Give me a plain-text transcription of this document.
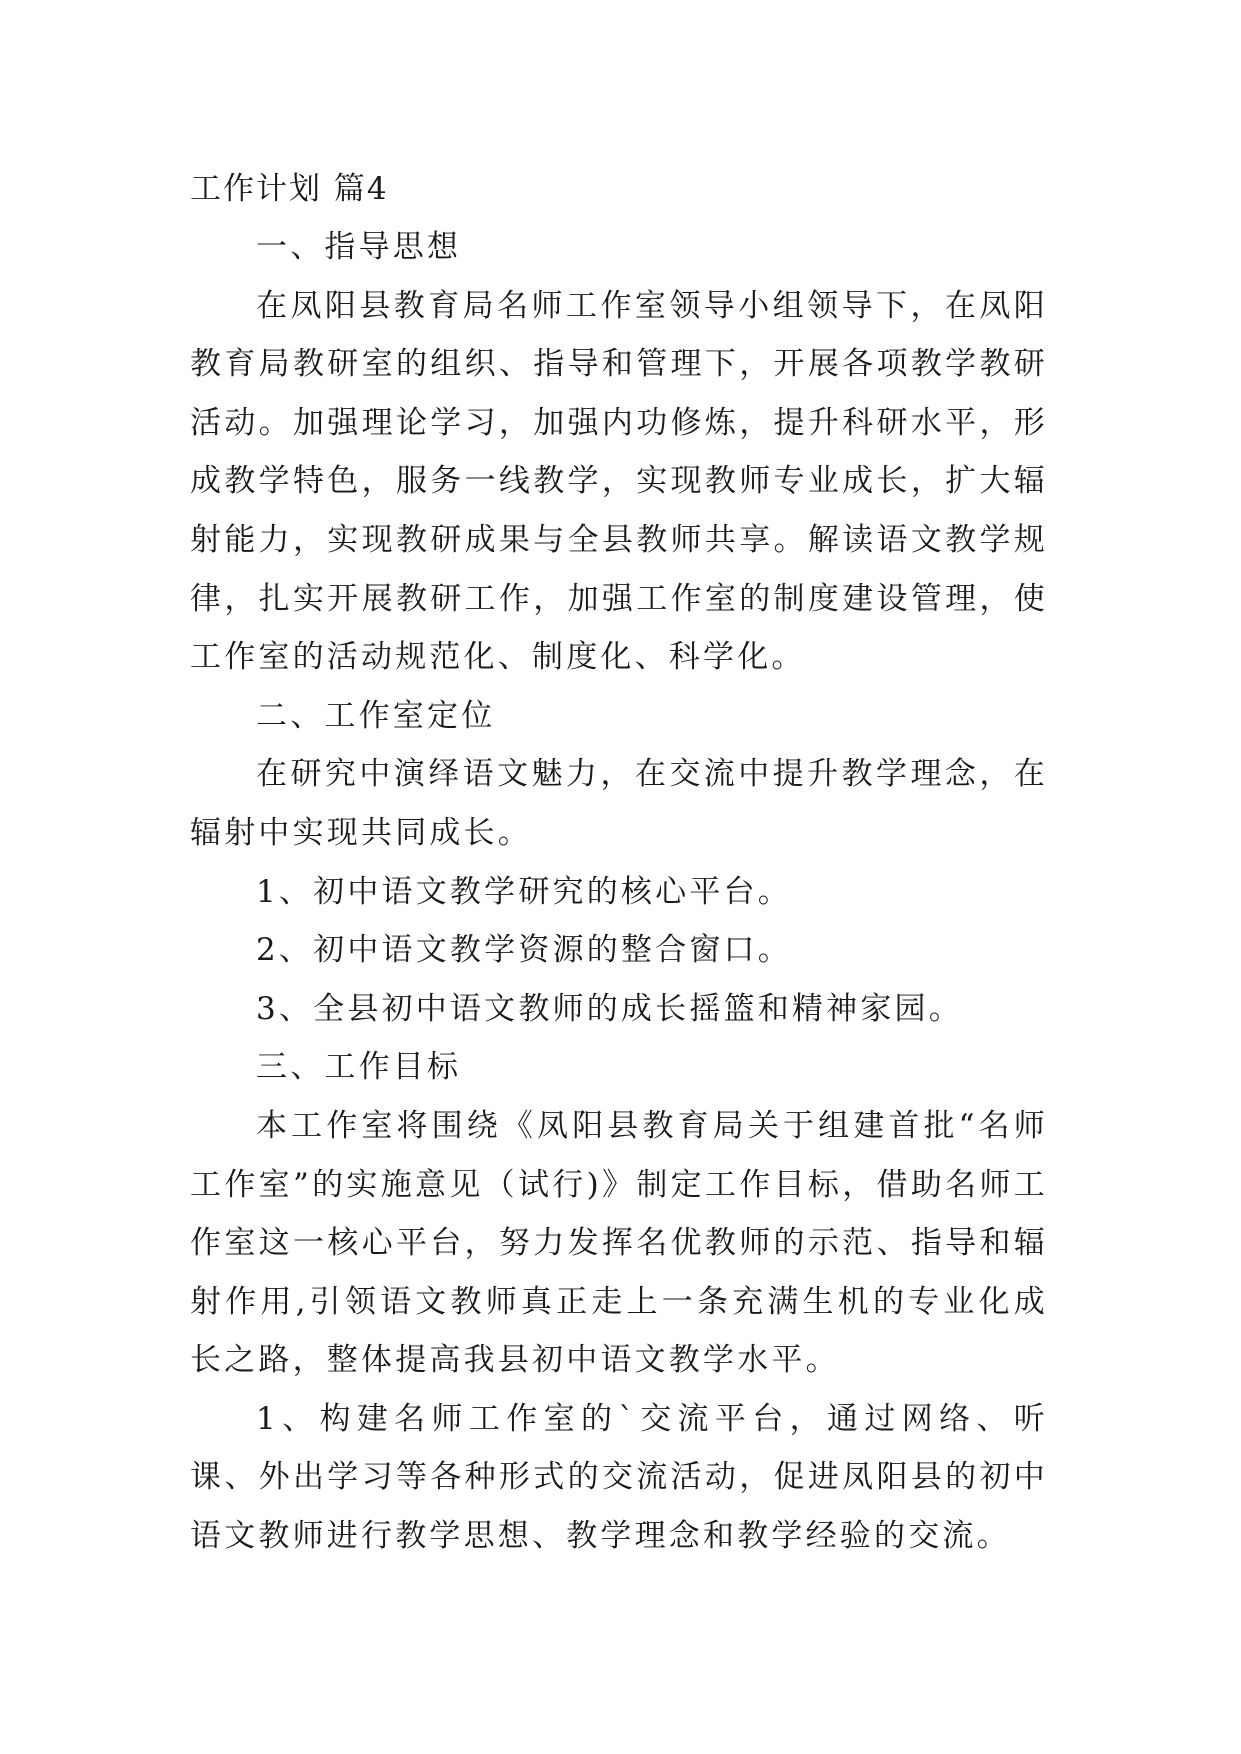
工作计划 篇4

一、指导思想

在凤阳县教育局名师工作室领导小组领导下，在凤阳教育局教研室的组织、指导和管理下，开展各项教学教研活动。加强理论学习，加强内功修炼，提升科研水平，形成教学特色，服务一线教学，实现教师专业成长，扩大辐射能力，实现教研成果与全县教师共享。解读语文教学规律，扎实开展教研工作，加强工作室的制度建设管理，使工作室的活动规范化、制度化、科学化。

二、工作室定位

在研究中演绎语文魅力，在交流中提升教学理念，在辐射中实现共同成长。

1、初中语文教学研究的核心平台。

2、初中语文教学资源的整合窗口。

3、全县初中语文教师的成长摇篮和精神家园。

三、工作目标

本工作室将围绕《凤阳县教育局关于组建首批“名师工作室”的实施意见（试行)》制定工作目标，借助名师工作室这一核心平台，努力发挥名优教师的示范、指导和辐射作用,引领语文教师真正走上一条充满生机的专业化成长之路，整体提高我县初中语文教学水平。

1、构建名师工作室的`交流平台，通过网络、听课、外出学习等各种形式的交流活动，促进凤阳县的初中语文教师进行教学思想、教学理念和教学经验的交流。
